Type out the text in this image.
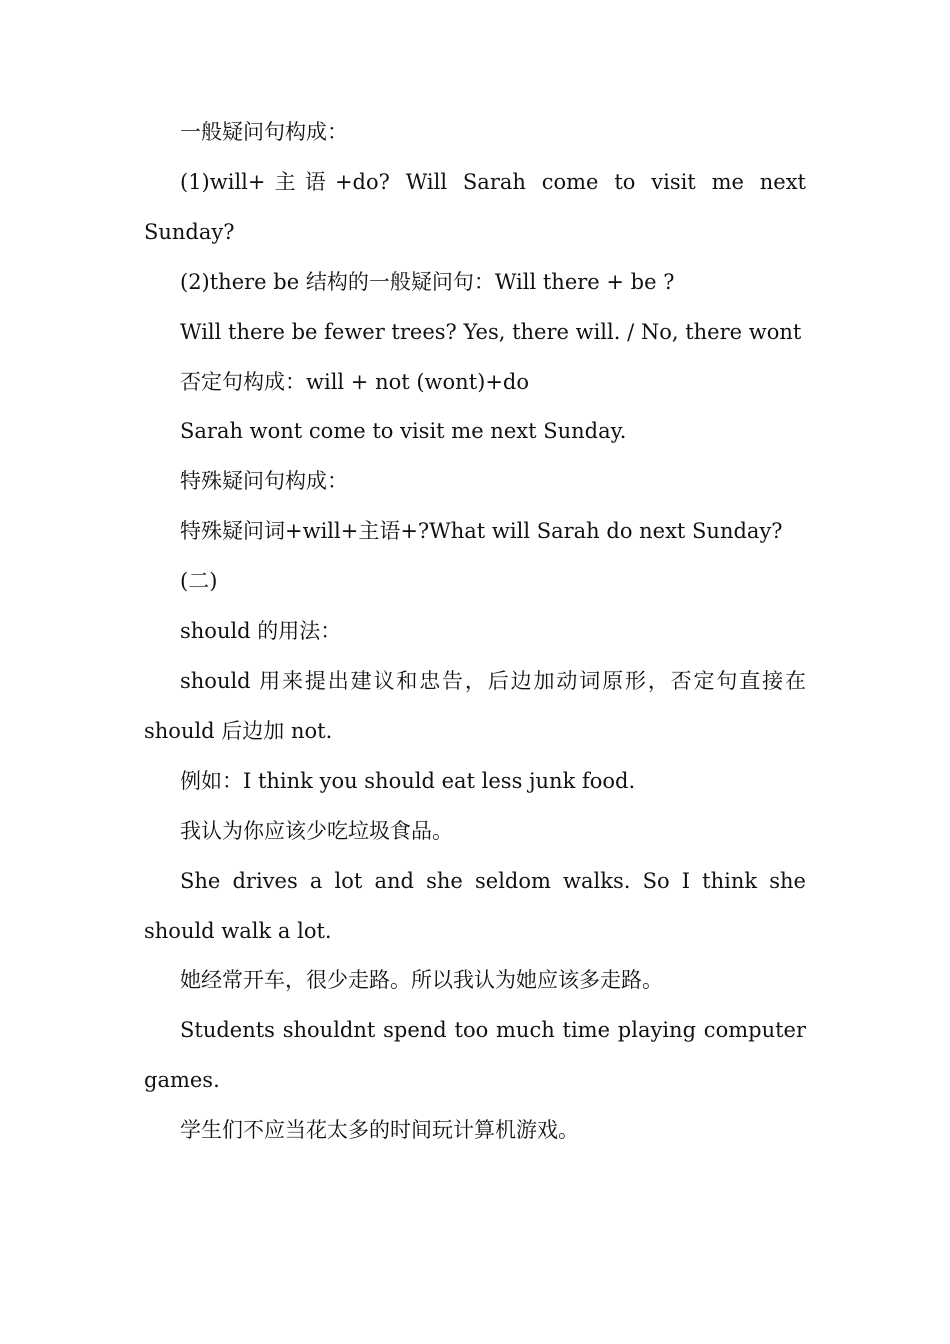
一般疑问句构成：

(1)will+主语+do? Will Sarah come to visit me next Sunday?

(2)there be 结构的一般疑问句：Will there + be ?

Will there be fewer trees? Yes, there will. / No, there wont

否定句构成：will + not (wont)+do

Sarah wont come to visit me next Sunday.

特殊疑问句构成：

特殊疑问词+will+主语+?What will Sarah do next Sunday?

(二)

should 的用法：

should 用来提出建议和忠告，后边加动词原形，否定句直接在 should 后边加 not.

例如：I think you should eat less junk food.

我认为你应该少吃垃圾食品。

She drives a lot and she seldom walks. So I think she should walk a lot.

她经常开车，很少走路。所以我认为她应该多走路。

Students shouldnt spend too much time playing computer games.

学生们不应当花太多的时间玩计算机游戏。
